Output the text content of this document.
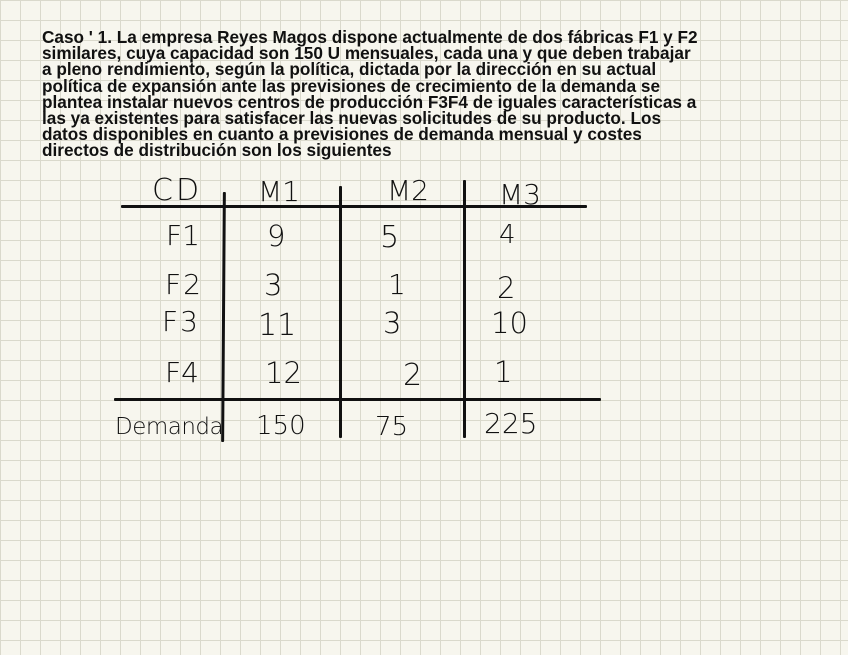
Caso ' 1. La empresa Reyes Magos dispone actualmente de dos fábricas F1 y F2
similares, cuya capacidad son 150 U mensuales, cada una y que deben trabajar
a pleno rendimiento, según la política, dictada por la dirección en su actual
política de expansión ante las previsiones de crecimiento de la demanda se
plantea instalar nuevos centros de producción F3F4 de iguales características a
las ya existentes para satisfacer las nuevas solicitudes de su producto. Los
datos disponibles en cuanto a previsiones de demanda mensual y costes
directos de distribución son los siguientes
CD M1	M2	M3
F1 9	5	4
F2 3	1	2
F3 11	3	10
F4 12	2 1
Demanda 150	75	225
